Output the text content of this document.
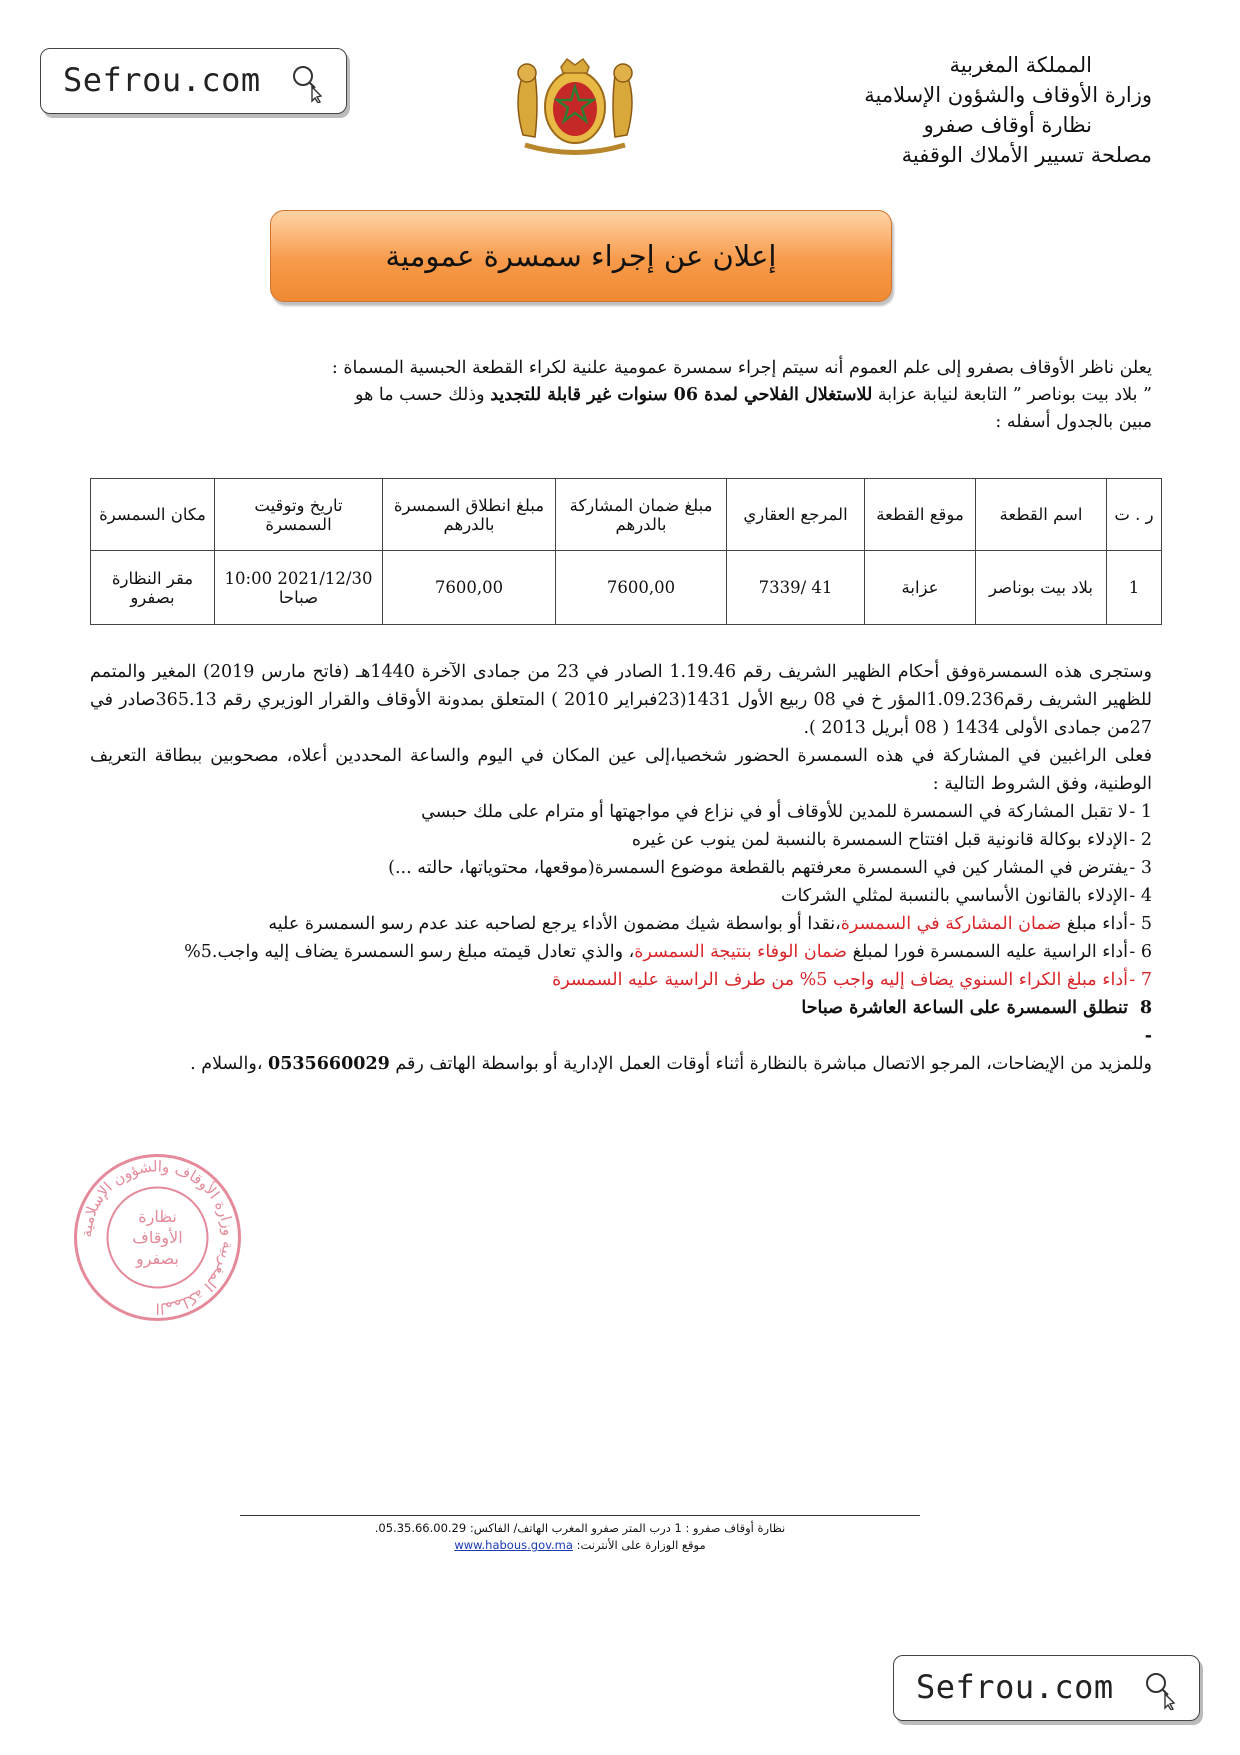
Sefrou.com	المملكة المغربية
وزارة الأوقاف والشؤون الإسلامية
نظارة أوقاف صفرو
مصلحة تسيير الأملاك الوقفية
إعلان عن إجراء سمسرة عمومية
يعلن ناظر الأوقاف بصفرو إلى علم العموم أنه سيتم إجراء سمسرة عمومية علنية لكراء القطعة الحبسية المسماة :
” بلاد بيت بوناصر ” التابعة لنيابة عزابة للاستغلال الفلاحي لمدة 06 سنوات غير قابلة للتجديد وذلك حسب ما هو
مبين بالجدول أسفله :
ر . ت	اسم القطعة	موقع القطعة	المرجع العقاري	مبلغ ضمان المشاركة بالدرهم	مبلغ انطلاق السمسرة بالدرهم	تاريخ وتوقيت السمسرة	مكان السمسرة
1	بلاد بيت بوناصر	عزابة	7339/ 41	7600,00	7600,00	2021/12/30 10:00 صباحا	مقر النظارة بصفرو

وستجرى هذه السمسرةوفق أحكام الظهير الشريف رقم 1.19.46 الصادر في 23 من جمادى الآخرة 1440هـ (فاتح مارس 2019) المغير والمتمم للظهير الشريف رقم1.09.236المؤر خ في 08 ربيع الأول 1431(23فبراير 2010 ) المتعلق بمدونة الأوقاف والقرار الوزيري رقم 365.13صادر في 27من جمادى الأولى 1434 ( 08 أبريل 2013 ).

فعلى الراغبين في المشاركة في هذه السمسرة الحضور شخصيا،إلى عين المكان في اليوم والساعة المحددين أعلاه، مصحوبين ببطاقة التعريف الوطنية، وفق الشروط التالية :

1 -
لا تقبل المشاركة في السمسرة للمدين للأوقاف أو في نزاع في مواجهتها أو مترام على ملك حبسي
2 -
الإدلاء بوكالة قانونية قبل افتتاح السمسرة بالنسبة لمن ينوب عن غيره
3 -
يفترض في المشار كين في السمسرة معرفتهم بالقطعة موضوع السمسرة(موقعها، محتوياتها، حالته ...)
4 -
الإدلاء بالقانون الأساسي بالنسبة لمثلي الشركات
5 -
أداء مبلغ ضمان المشاركة في السمسرة،نقدا أو بواسطة شيك مضمون الأداء يرجع لصاحبه عند عدم رسو السمسرة عليه
6 -
أداء الراسية عليه السمسرة فورا لمبلغ ضمان الوفاء بنتيجة السمسرة، والذي تعادل قيمته مبلغ رسو السمسرة يضاف إليه واجب.5%
7 -
أداء مبلغ الكراء السنوي يضاف إليه واجب 5% من طرف الراسية عليه السمسرة
8 -
تنطلق السمسرة على الساعة العاشرة صباحا

وللمزيد من الإيضاحات، المرجو الاتصال مباشرة بالنظارة أثناء أوقات العمل الإدارية أو بواسطة الهاتف رقم 0535660029 ،والسلام .

المملكة المغربية وزارة الأوقاف والشؤون الإسلامية
نظارة
الأوقاف
بصفرو
نظارة أوقاف صفرو : 1 درب المتر صفرو المغرب الهاتف/ الفاكس: 05.35.66.00.29.
موقع الوزارة على الأنترنت: www.habous.gov.ma
Sefrou.com
